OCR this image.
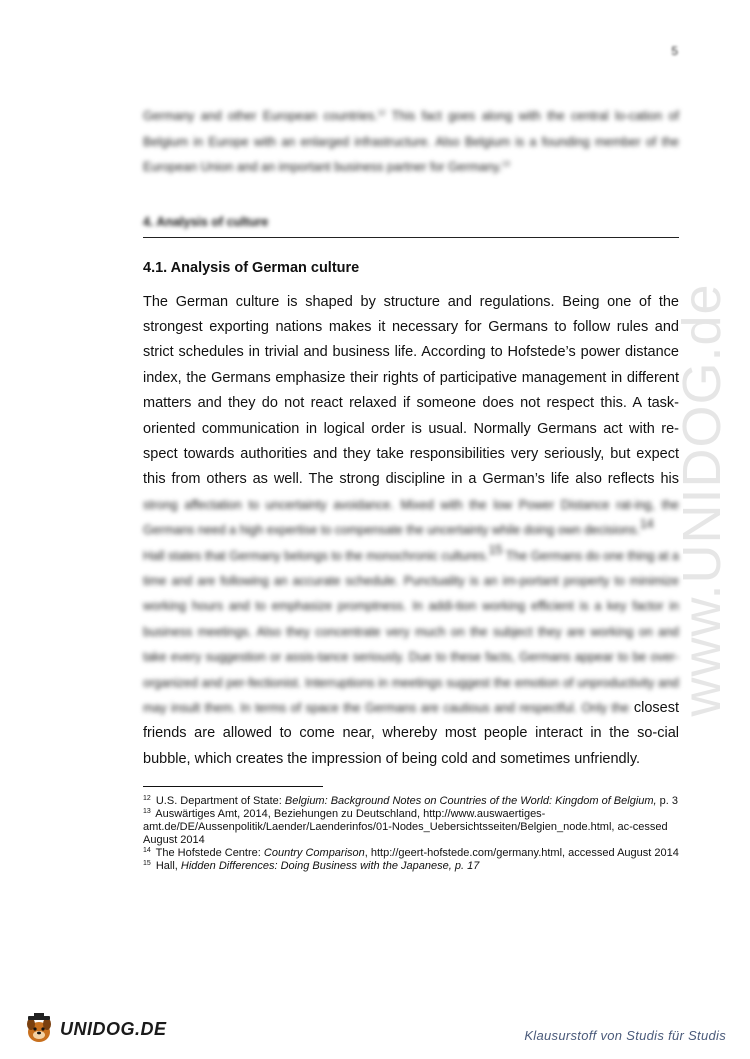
5
www.UNIDOG.de

Germany and other European countries.$^{12}$ This fact goes along with the central lo-cation of Belgium in Europe with an enlarged infrastructure. Also Belgium is a founding member of the European Union and an important business partner for Germany.$^{13}$

4. Analysis of culture
4.1. Analysis of German culture

The German culture is shaped by structure and regulations. Being one of the strongest exporting nations makes it necessary for Germans to follow rules and strict schedules in trivial and business life. According to Hofstede’s power distance index, the Germans emphasize their rights of participative management in different matters and they do not react relaxed if someone does not respect this. A task-oriented communication in logical order is usual. Normally Germans act with re-spect towards authorities and they take responsibilities very seriously, but expect this from others as well. The strong discipline in a German’s life also reflects his strong affectation to uncertainty avoidance. Mixed with the low Power Distance rat-ing, the Germans need a high expertise to compensate the uncertainty while doing own decisions.14
Hall states that Germany belongs to the monochronic cultures.15 The Germans do one thing at a time and are following an accurate schedule. Punctuality is an im-portant property to minimize working hours and to emphasize promptness. In addi-tion working efficient is a key factor in business meetings. Also they concentrate very much on the subject they are working on and take every suggestion or assis-tance seriously. Due to these facts, Germans appear to be over-organized and per-fectionist. Interruptions in meetings suggest the emotion of unproductivity and may insult them. In terms of space the Germans are cautious and respectful. Only the closest friends are allowed to come near, whereby most people interact in the so-cial bubble, which creates the impression of being cold and sometimes unfriendly.

$^{12}$ U.S. Department of State: Belgium: Background Notes on Countries of the World: Kingdom of Belgium, p. 3

$^{13}$ Auswärtiges Amt, 2014, Beziehungen zu Deutschland, http://www.auswaertiges-amt.de/DE/Aussenpolitik/Laender/Laenderinfos/01-Nodes_Uebersichtsseiten/Belgien_node.html, ac-cessed August 2014

$^{14}$ The Hofstede Centre: Country Comparison, http://geert-hofstede.com/germany.html, accessed August 2014

$^{15}$ Hall, Hidden Differences: Doing Business with the Japanese, p. 17

UNIDOG.DE	Klausurstoff von Studis für Studis
